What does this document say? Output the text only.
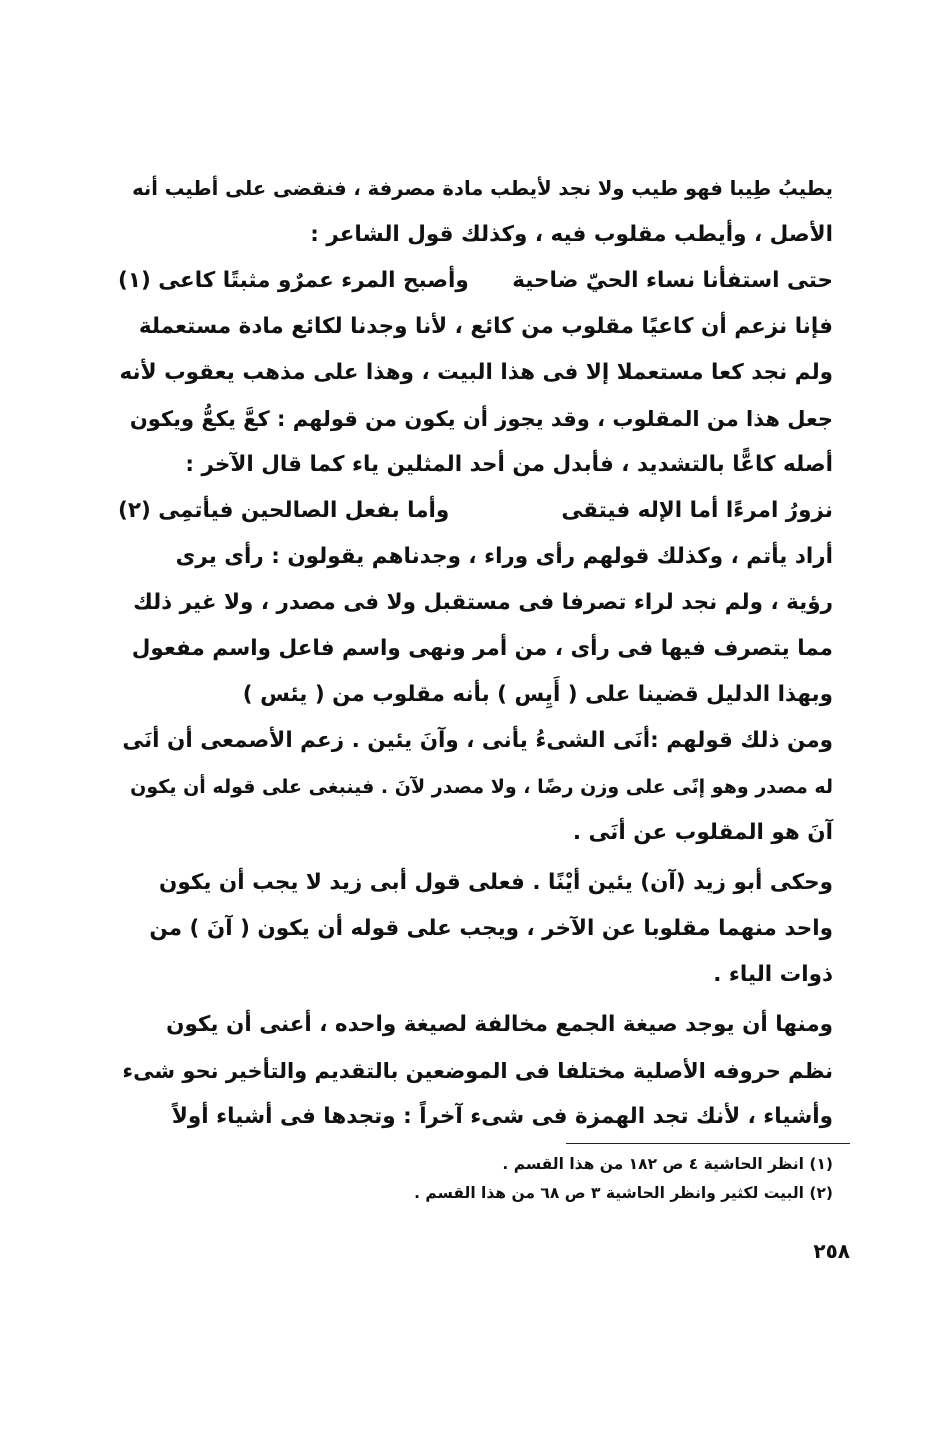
يطيبُ طِيبا فهو طيب ولا نجد لأيطب مادة مصرفة ، فنقضى على أطيب أنه
الأصل ، وأيطب مقلوب فيه ، وكذلك قول الشاعر :
حتى استفأنا نساء الحيّ ضاحية
وأصبح المرء عمرٌو مثبتًا كاعى (١)
فإنا نزعم أن كاعيًا مقلوب من كائع ، لأنا وجدنا لكائع مادة مستعملة
ولم نجد كعا مستعملا إلا فى هذا البيت ، وهذا على مذهب يعقوب لأنه
جعل هذا من المقلوب ، وقد يجوز أن يكون من قولهم : كعَّ يكعُّ ويكون
أصله كاعًّا بالتشديد ، فأبدل من أحد المثلين ياء كما قال الآخر :
نزورُ امرءًا أما الإله فيتقى
وأما بفعل الصالحين فيأتمِى (٢)
أراد يأتم ، وكذلك قولهم رأى وراء ، وجدناهم يقولون : رأى يرى
رؤية ، ولم نجد لراء تصرفا فى مستقبل ولا فى مصدر ، ولا غير ذلك
مما يتصرف فيها فى رأى ، من أمر ونهى واسم فاعل واسم مفعول
وبهذا الدليل قضينا على ( أَيِس ) بأنه مقلوب من ( يئس )
ومن ذلك قولهم :أنَى الشىءُ يأنى ، وآنَ يئين . زعم الأصمعى أن أنَى
له مصدر وهو إنًى على وزن رضًا ، ولا مصدر لآنَ . فينبغى على قوله أن يكون
آنَ هو المقلوب عن أنَى .
وحكى أبو زيد (آن) يئين أيْنًا . فعلى قول أبى زيد لا يجب أن يكون
واحد منهما مقلوبا عن الآخر ، ويجب على قوله أن يكون ( آنَ ) من
ذوات الياء .
ومنها أن يوجد صيغة الجمع مخالفة لصيغة واحده ، أعنى أن يكون
نظم حروفه الأصلية مختلفا فى الموضعين بالتقديم والتأخير نحو شىء
وأشياء ، لأنك تجد الهمزة فى شىء آخراً : وتجدها فى أشياء أولاً
(١) انظر الحاشية ٤ ص ١٨٢ من هذا القسم .
(٢) البيت لكثير وانظر الحاشية ٣ ص ٦٨ من هذا القسم .
٢٥٨
